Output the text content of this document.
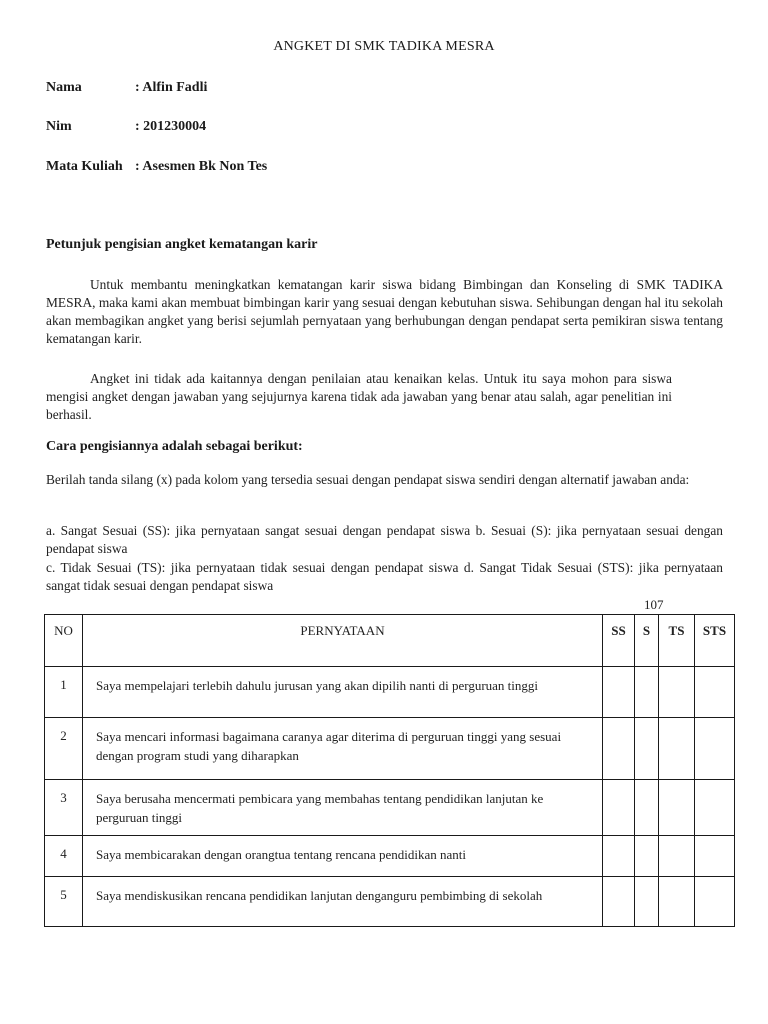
ANGKET DI SMK TADIKA MESRA
Nama	: Alfin Fadli
Nim	: 201230004
Mata Kuliah : Asesmen Bk Non Tes
Petunjuk pengisian angket kematangan karir
Untuk membantu meningkatkan kematangan karir siswa bidang Bimbingan dan Konseling di SMK TADIKA MESRA, maka kami akan membuat bimbingan karir yang sesuai dengan kebutuhan siswa. Sehibungan dengan hal itu sekolah akan membagikan angket yang berisi sejumlah pernyataan yang berhubungan dengan pendapat serta pemikiran siswa tentang kematangan karir.
Angket ini tidak ada kaitannya dengan penilaian atau kenaikan kelas. Untuk itu saya mohon para siswa mengisi angket dengan jawaban yang sejujurnya karena tidak ada jawaban yang benar atau salah, agar penelitian ini berhasil.
Cara pengisiannya adalah sebagai berikut:
Berilah tanda silang (x) pada kolom yang tersedia sesuai dengan pendapat siswa sendiri dengan alternatif jawaban anda:
a. Sangat Sesuai (SS): jika pernyataan sangat sesuai dengan pendapat siswa b. Sesuai (S): jika pernyataan sesuai dengan pendapat siswa
c. Tidak Sesuai (TS): jika pernyataan tidak sesuai dengan pendapat siswa d. Sangat Tidak Sesuai (STS): jika pernyataan sangat tidak sesuai dengan pendapat siswa
107
NO	PERNYATAAN	SS	S	TS	STS
1	Saya mempelajari terlebih dahulu jurusan yang akan dipilih nanti di perguruan tinggi				
2	Saya mencari informasi bagaimana caranya agar diterima di perguruan tinggi yang sesuai dengan program studi yang diharapkan				
3	Saya berusaha mencermati pembicara yang membahas tentang pendidikan lanjutan ke perguruan tinggi				
4	Saya membicarakan dengan orangtua tentang rencana pendidikan nanti				
5	Saya mendiskusikan rencana pendidikan lanjutan denganguru pembimbing di sekolah				
